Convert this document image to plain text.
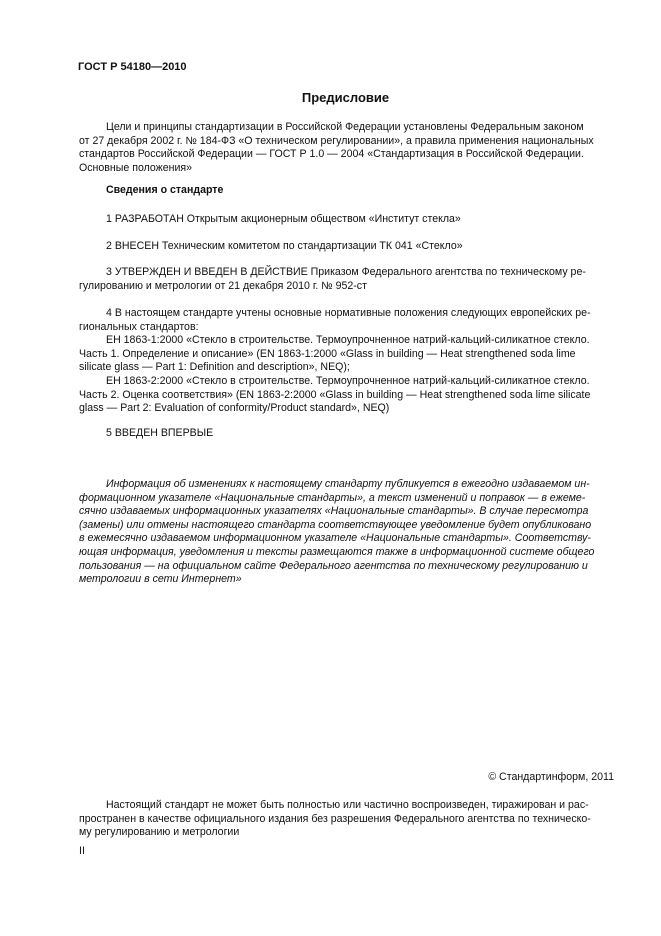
ГОСТ Р 54180—2010
Предисловие

Цели и принципы стандартизации в Российской Федерации установлены Федеральным законом

от 27 декабря 2002 г. № 184-ФЗ «О техническом регулировании», а правила применения национальных

стандартов Российской Федерации — ГОСТ Р 1.0 — 2004 «Стандартизация в Российской Федерации.

Основные положения»

Сведения о стандарте
1 РАЗРАБОТАН Открытым акционерным обществом «Институт стекла»
2 ВНЕСЕН Техническим комитетом по стандартизации ТК 041 «Стекло»

3 УТВЕРЖДЕН И ВВЕДЕН В ДЕЙСТВИЕ Приказом Федерального агентства по техническому ре-

гулированию и метрологии от 21 декабря 2010 г. № 952-ст

4 В настоящем стандарте учтены основные нормативные положения следующих европейских ре-

гиональных стандартов:

ЕН 1863-1:2000 «Стекло в строительстве. Термоупрочненное натрий-кальций-силикатное стекло.

Часть 1. Определение и описание» (EN 1863-1:2000 «Glass in building — Heat strengthened soda lime

silicate glass — Part 1: Definition and description», NEQ);

ЕН 1863-2:2000 «Стекло в строительстве. Термоупрочненное натрий-кальций-силикатное стекло.

Часть 2. Оценка соответствия» (EN 1863-2:2000 «Glass in building — Heat strengthened soda lime silicate

glass — Part 2: Evaluation of conformity/Product standard», NEQ)

5 ВВЕДЕН ВПЕРВЫЕ

Информация об изменениях к настоящему стандарту публикуется в ежегодно издаваемом ин-

формационном указателе «Национальные стандарты», а текст изменений и поправок — в ежеме-

сячно издаваемых информационных указателях «Национальные стандарты». В случае пересмотра

(замены) или отмены настоящего стандарта соответствующее уведомление будет опубликовано

в ежемесячно издаваемом информационном указателе «Национальные стандарты». Соответству-

ющая информация, уведомления и тексты размещаются также в информационной системе общего

пользования — на официальном сайте Федерального агентства по техническому регулированию и

метрологии в сети Интернет»

© Стандартинформ, 2011

Настоящий стандарт не может быть полностью или частично воспроизведен, тиражирован и рас-

пространен в качестве официального издания без разрешения Федерального агентства по техническо-

му регулированию и метрологии

II
